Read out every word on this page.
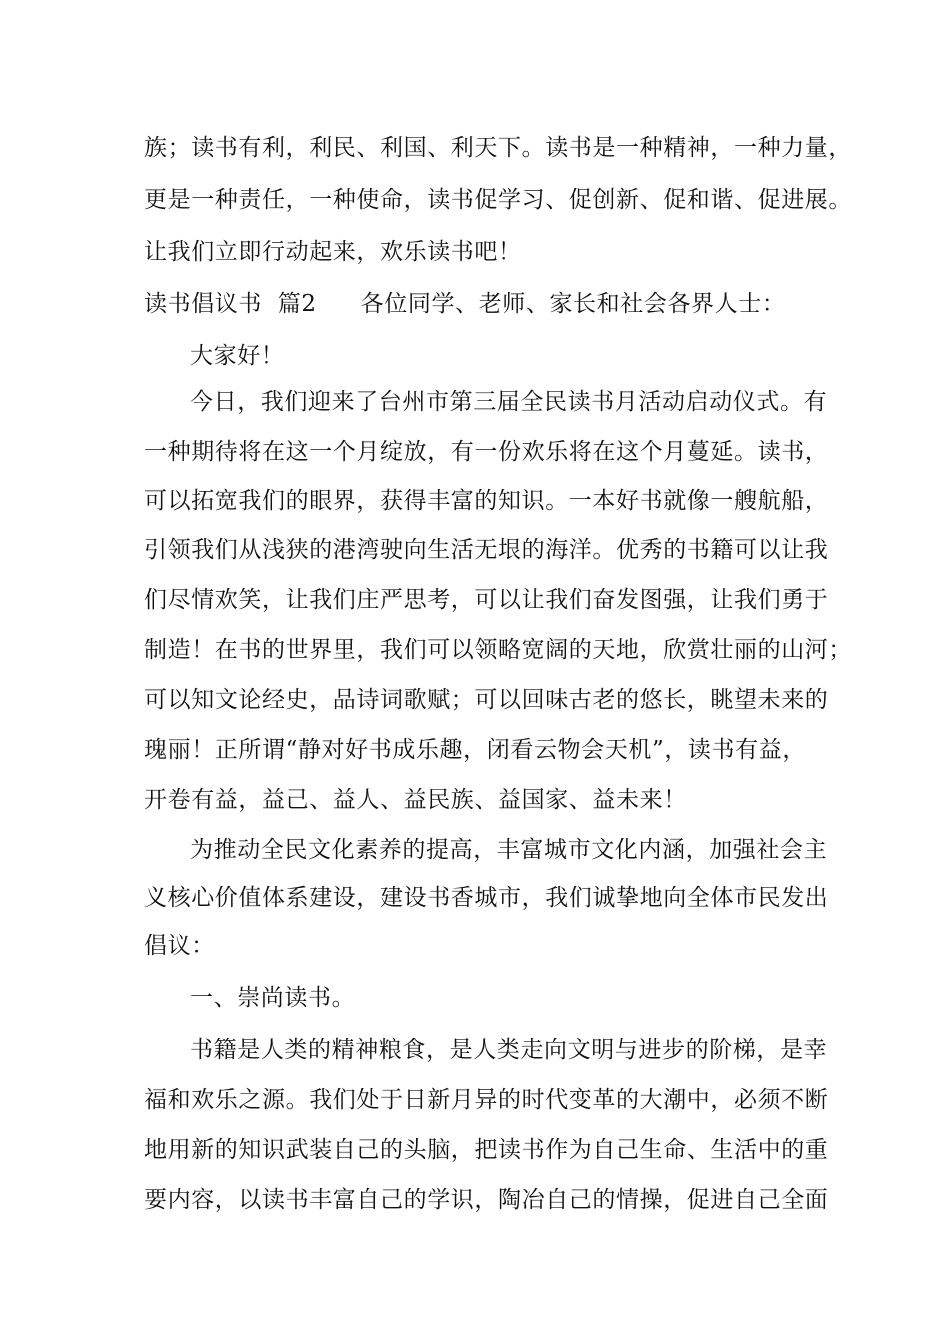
族；读书有利，利民、利国、利天下。读书是一种精神，一种力量，
更是一种责任，一种使命，读书促学习、促创新、促和谐、促进展。
让我们立即行动起来，欢乐读书吧！
读书倡议书  篇2 各位同学、老师、家长和社会各界人士：
大家好！
今日，我们迎来了台州市第三届全民读书月活动启动仪式。有
一种期待将在这一个月绽放，有一份欢乐将在这个月蔓延。读书，
可以拓宽我们的眼界，获得丰富的知识。一本好书就像一艘航船，
引领我们从浅狭的港湾驶向生活无垠的海洋。优秀的书籍可以让我
们尽情欢笑，让我们庄严思考，可以让我们奋发图强，让我们勇于
制造！在书的世界里，我们可以领略宽阔的天地，欣赏壮丽的山河；
可以知文论经史，品诗词歌赋；可以回味古老的悠长，眺望未来的
瑰丽！正所谓“静对好书成乐趣，闭看云物会天机”，读书有益，
开卷有益，益己、益人、益民族、益国家、益未来！
为推动全民文化素养的提高，丰富城市文化内涵，加强社会主
义核心价值体系建设，建设书香城市，我们诚挚地向全体市民发出
倡议：
一、崇尚读书。
书籍是人类的精神粮食，是人类走向文明与进步的阶梯，是幸
福和欢乐之源。我们处于日新月异的时代变革的大潮中，必须不断
地用新的知识武装自己的头脑，把读书作为自己生命、生活中的重
要内容，以读书丰富自己的学识，陶冶自己的情操，促进自己全面
